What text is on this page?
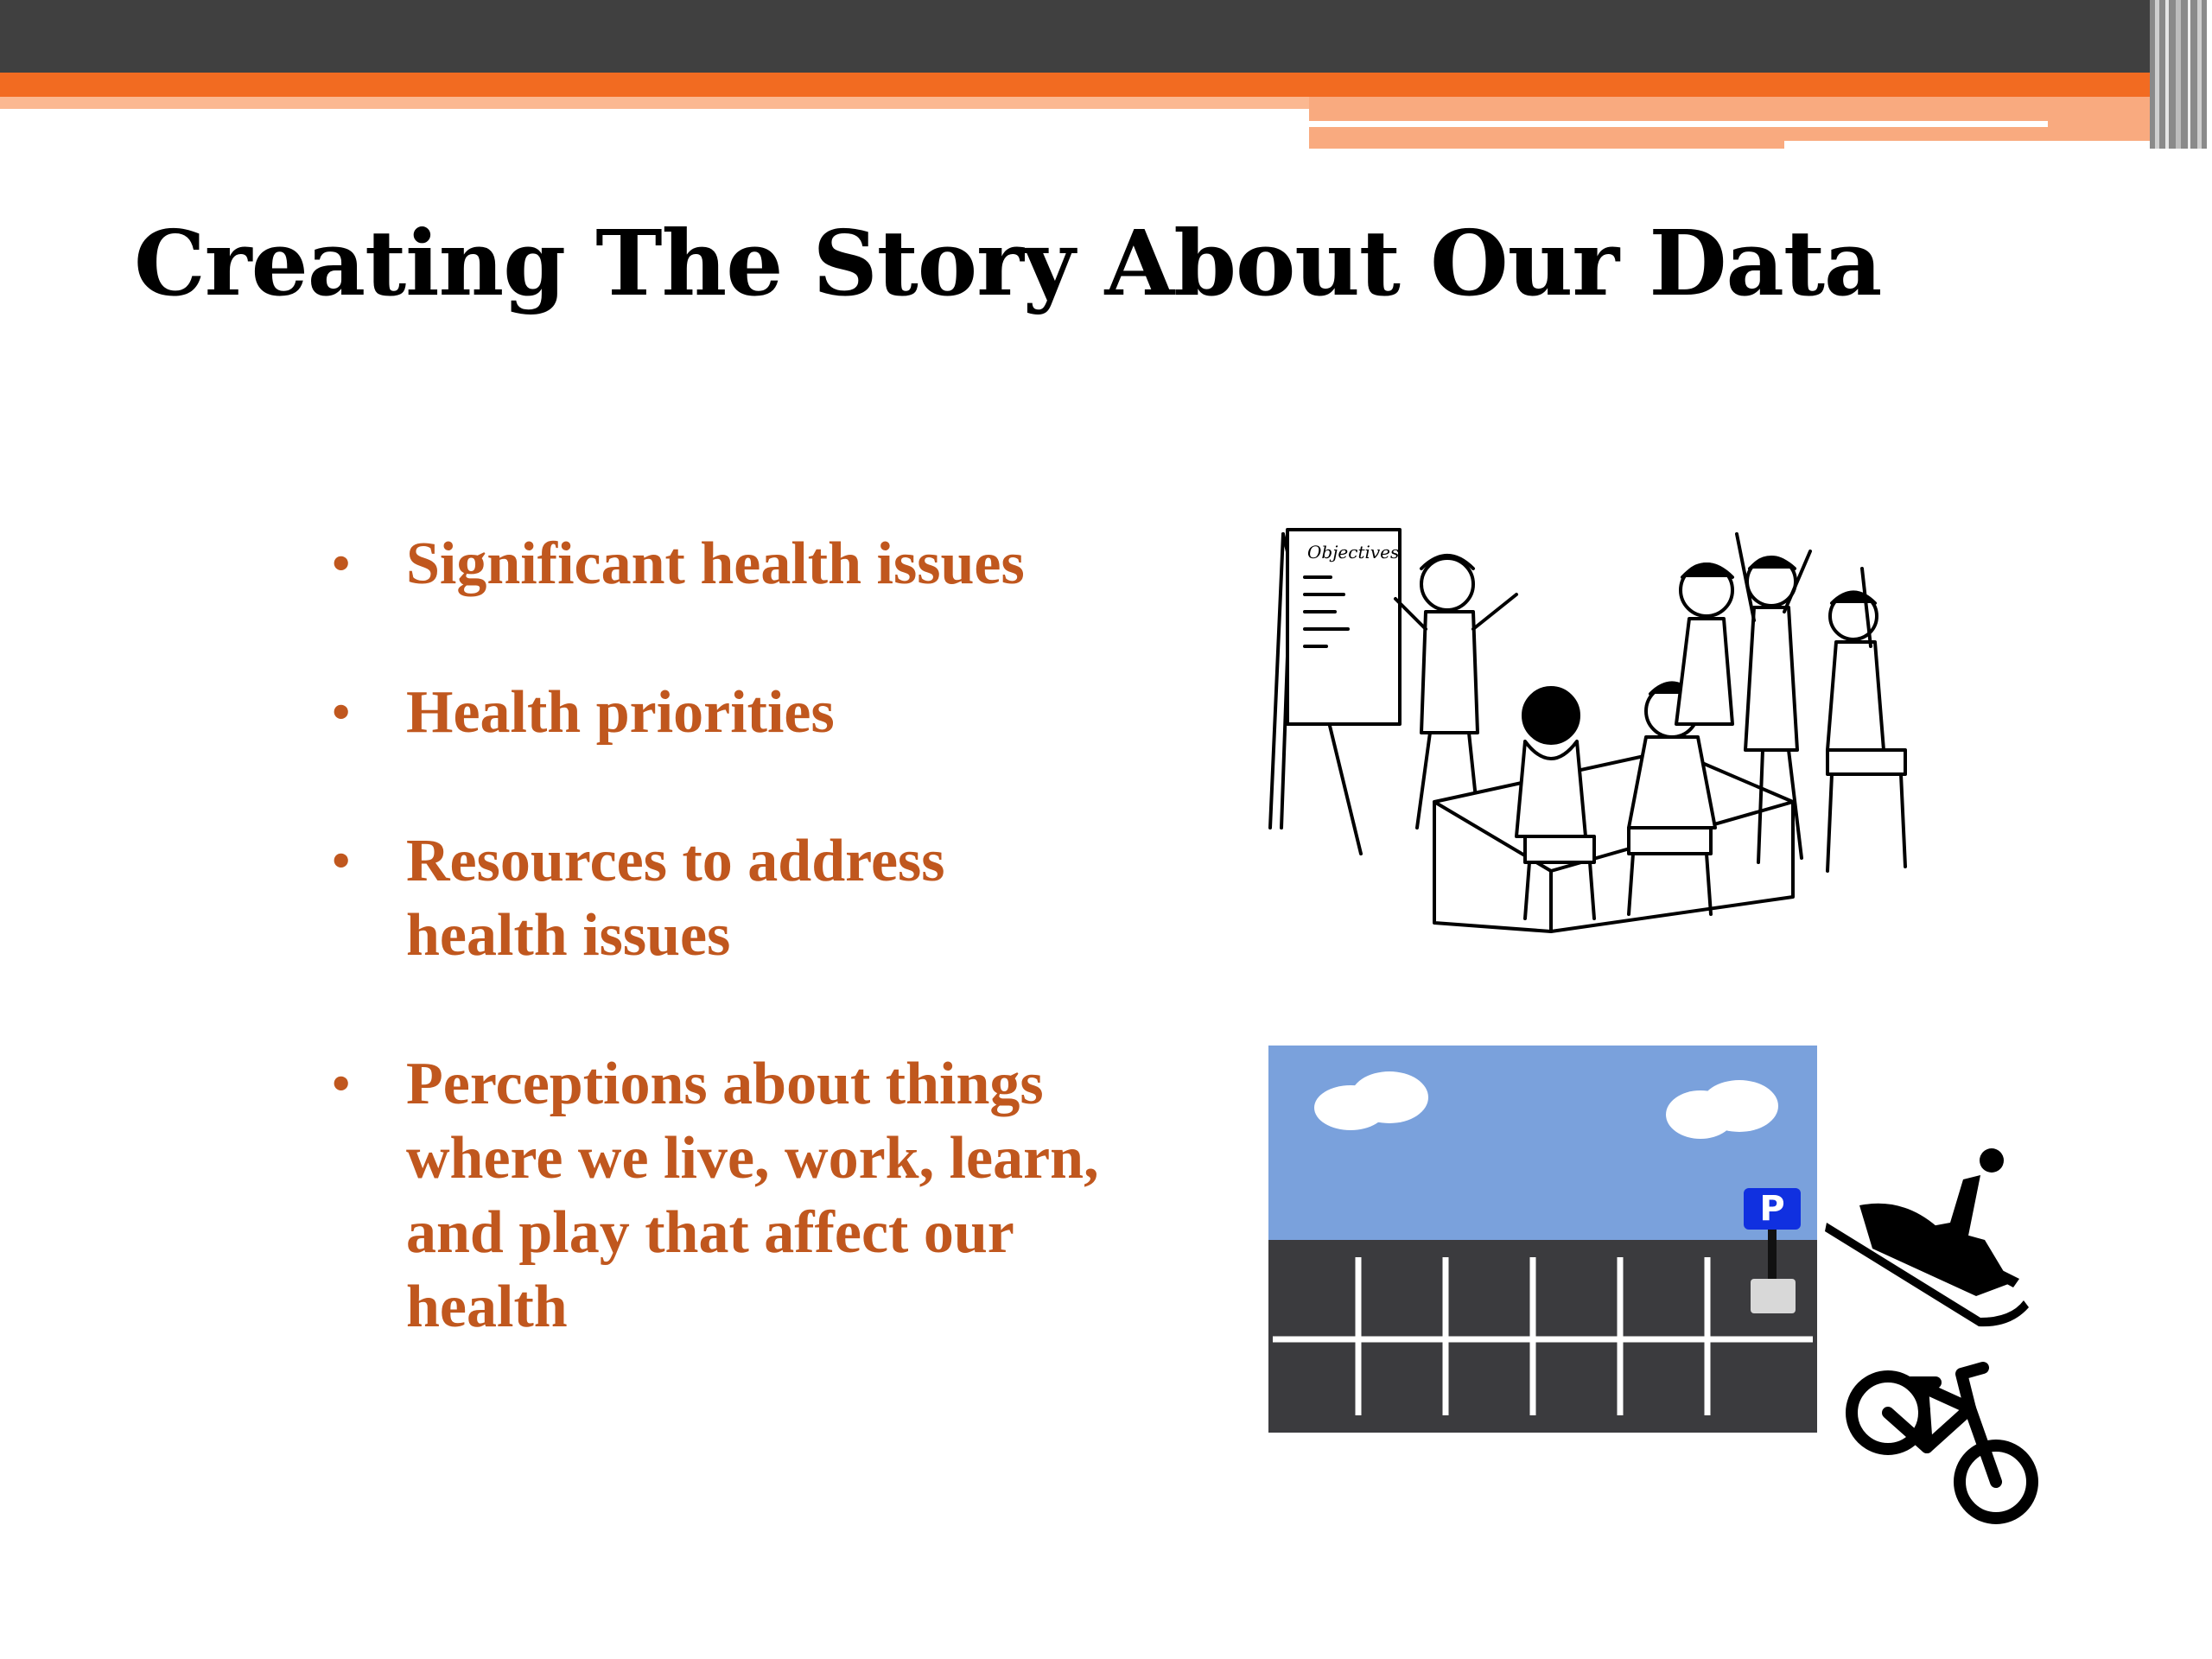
Creating The Story About Our Data
• Significant health issues
• Health priorities
• Resources to address health issues
• Perceptions about things where we live, work, learn, and play that affect our health
Objectives
P
